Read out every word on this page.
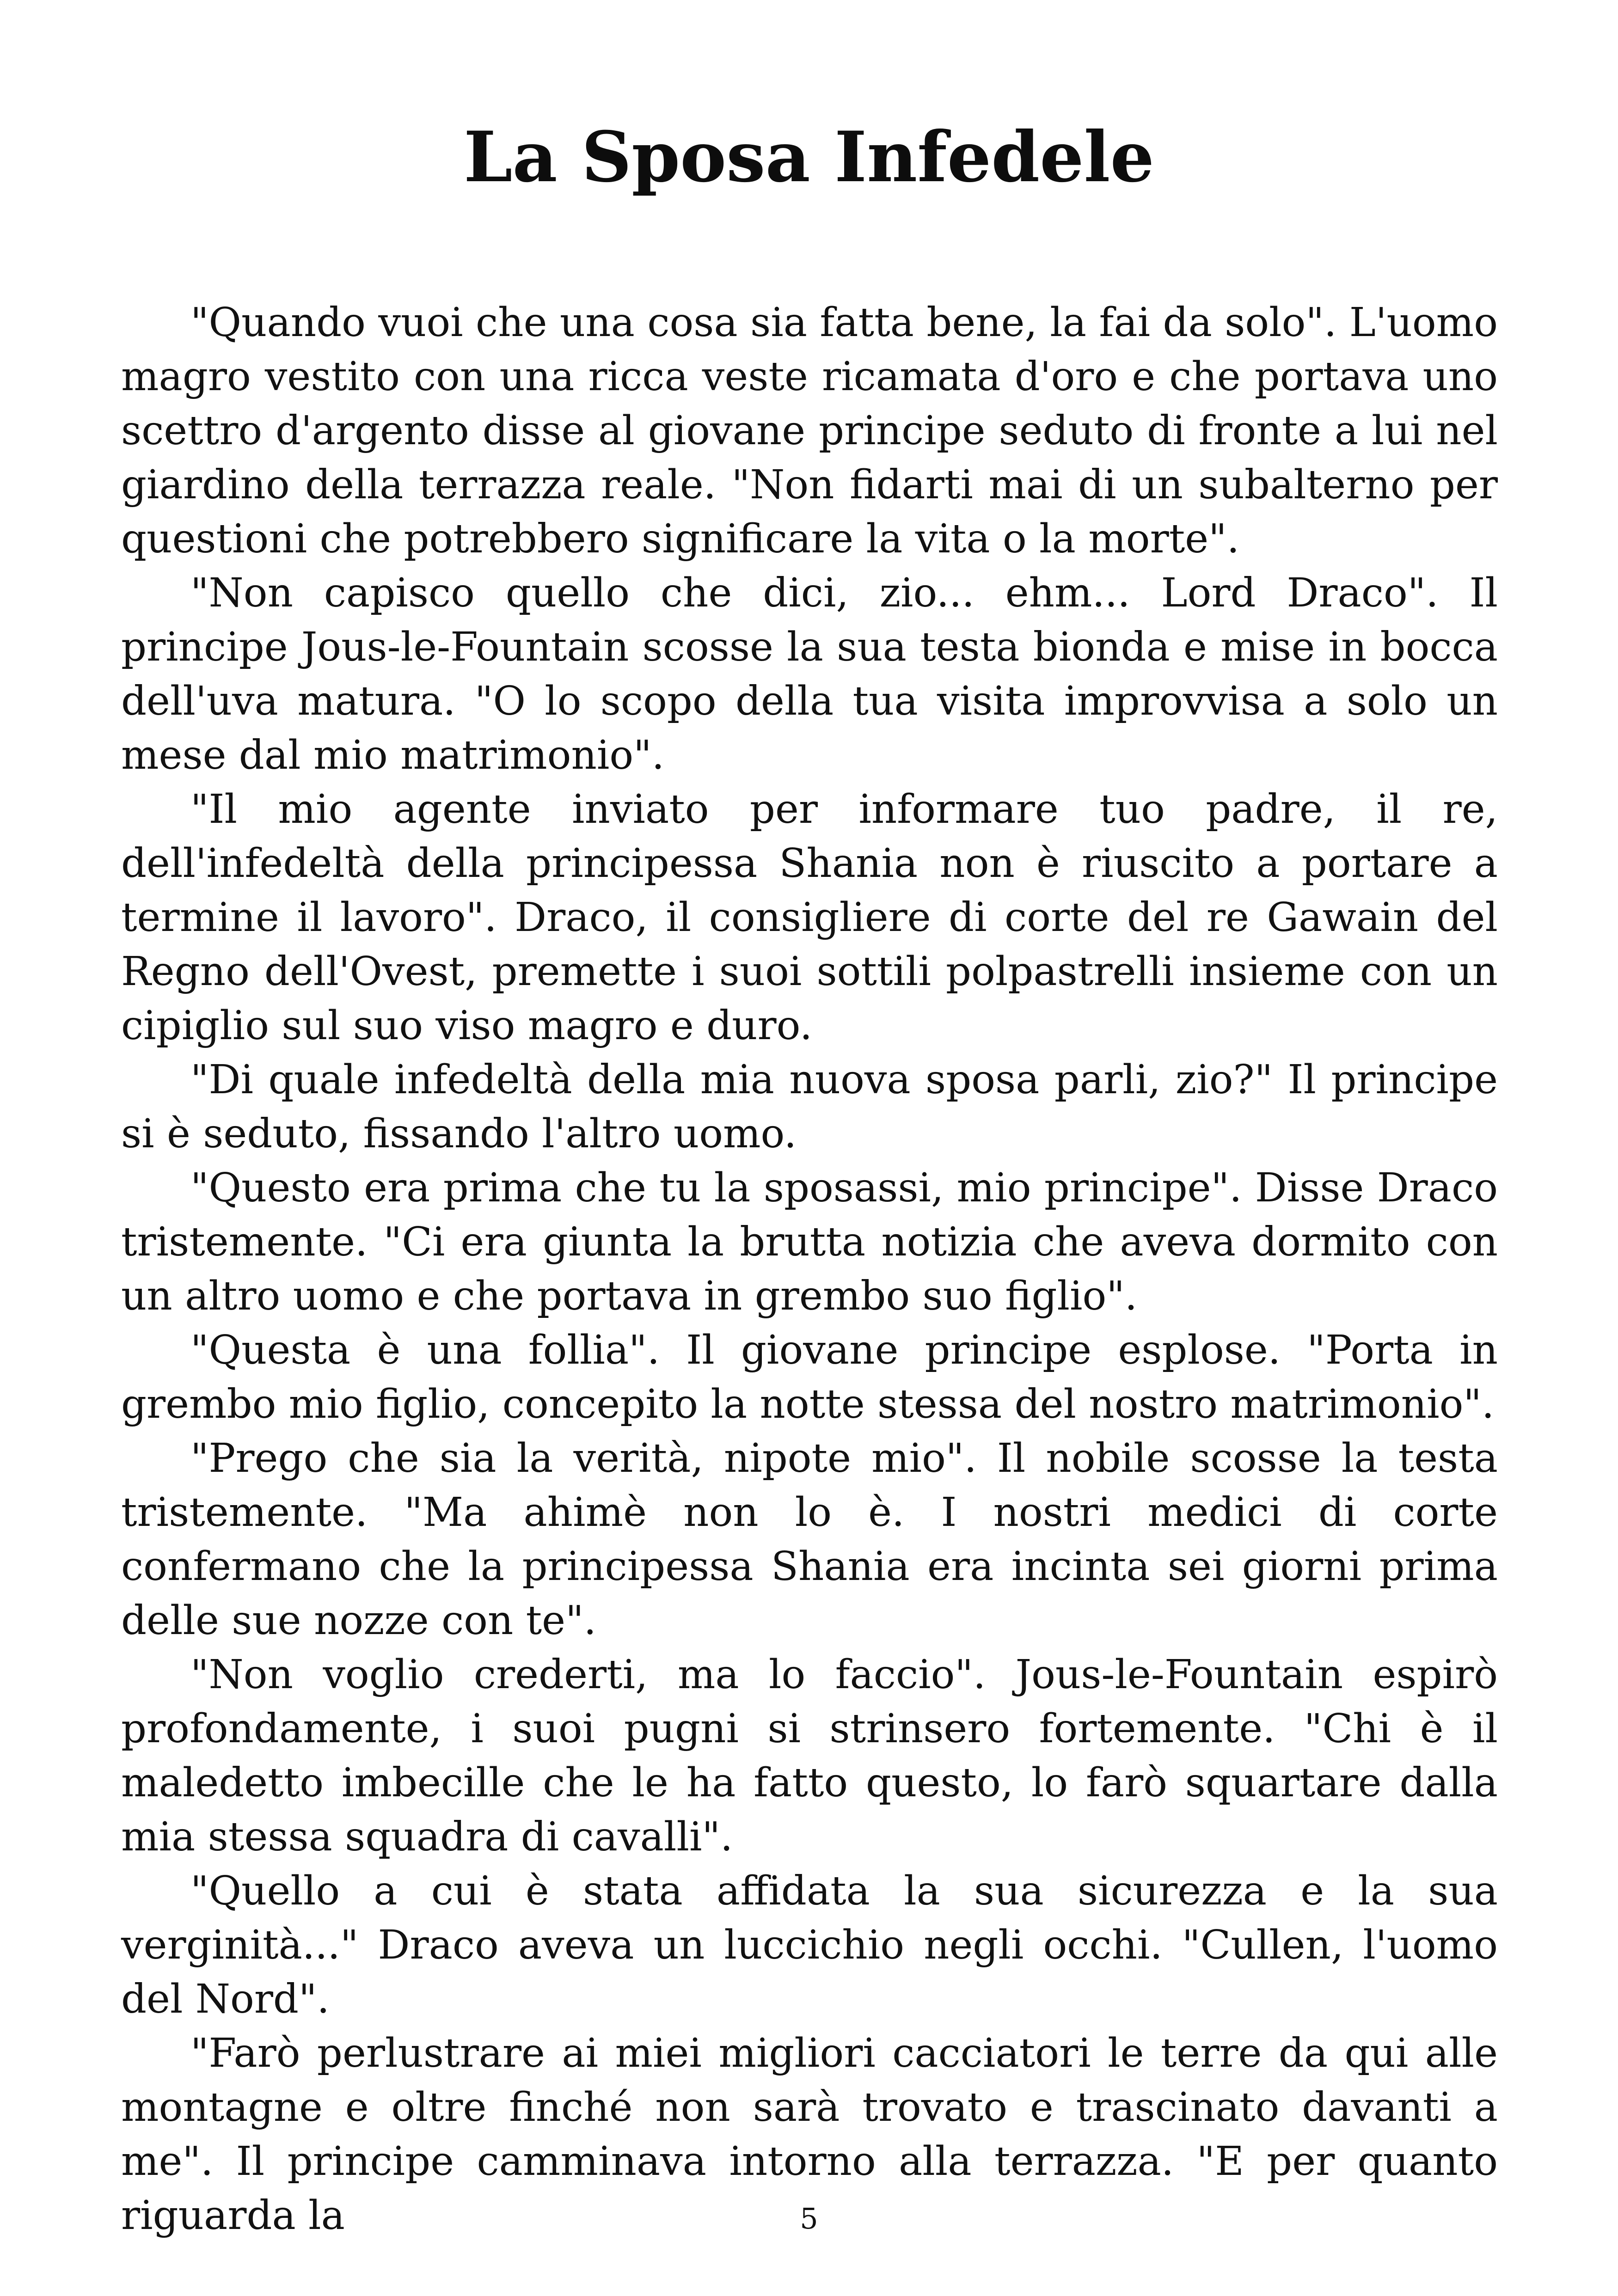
La Sposa Infedele

"Quando vuoi che una cosa sia fatta bene, la fai da solo". L'uomo magro vestito con una ricca veste ricamata d'oro e che portava uno scettro d'argento disse al giovane principe seduto di fronte a lui nel giardino della terrazza reale. "Non fidarti mai di un subalterno per questioni che potrebbero significare la vita o la morte".

"Non capisco quello che dici, zio... ehm... Lord Draco". Il principe Jous-le-Fountain scosse la sua testa bionda e mise in bocca dell'uva matura. "O lo scopo della tua visita improvvisa a solo un mese dal mio matrimonio".

"Il mio agente inviato per informare tuo padre, il re, dell'infedeltà della principessa Shania non è riuscito a portare a termine il lavoro". Draco, il consigliere di corte del re Gawain del Regno dell'Ovest, premette i suoi sottili polpastrelli insieme con un cipiglio sul suo viso magro e duro.

"Di quale infedeltà della mia nuova sposa parli, zio?" Il principe si è seduto, fissando l'altro uomo.

"Questo era prima che tu la sposassi, mio principe". Disse Draco tristemente. "Ci era giunta la brutta notizia che aveva dormito con un altro uomo e che portava in grembo suo figlio".

"Questa è una follia". Il giovane principe esplose. "Porta in grembo mio figlio, concepito la notte stessa del nostro matrimonio".

"Prego che sia la verità, nipote mio". Il nobile scosse la testa tristemente. "Ma ahimè non lo è. I nostri medici di corte confermano che la principessa Shania era incinta sei giorni prima delle sue nozze con te".

"Non voglio crederti, ma lo faccio". Jous-le-Fountain espirò profondamente, i suoi pugni si strinsero fortemente. "Chi è il maledetto imbecille che le ha fatto questo, lo farò squartare dalla mia stessa squadra di cavalli".

"Quello a cui è stata affidata la sua sicurezza e la sua verginità..." Draco aveva un luccichio negli occhi. "Cullen, l'uomo del Nord".

"Farò perlustrare ai miei migliori cacciatori le terre da qui alle montagne e oltre finché non sarà trovato e trascinato davanti a me". Il principe camminava intorno alla terrazza. "E per quanto riguarda la	5
